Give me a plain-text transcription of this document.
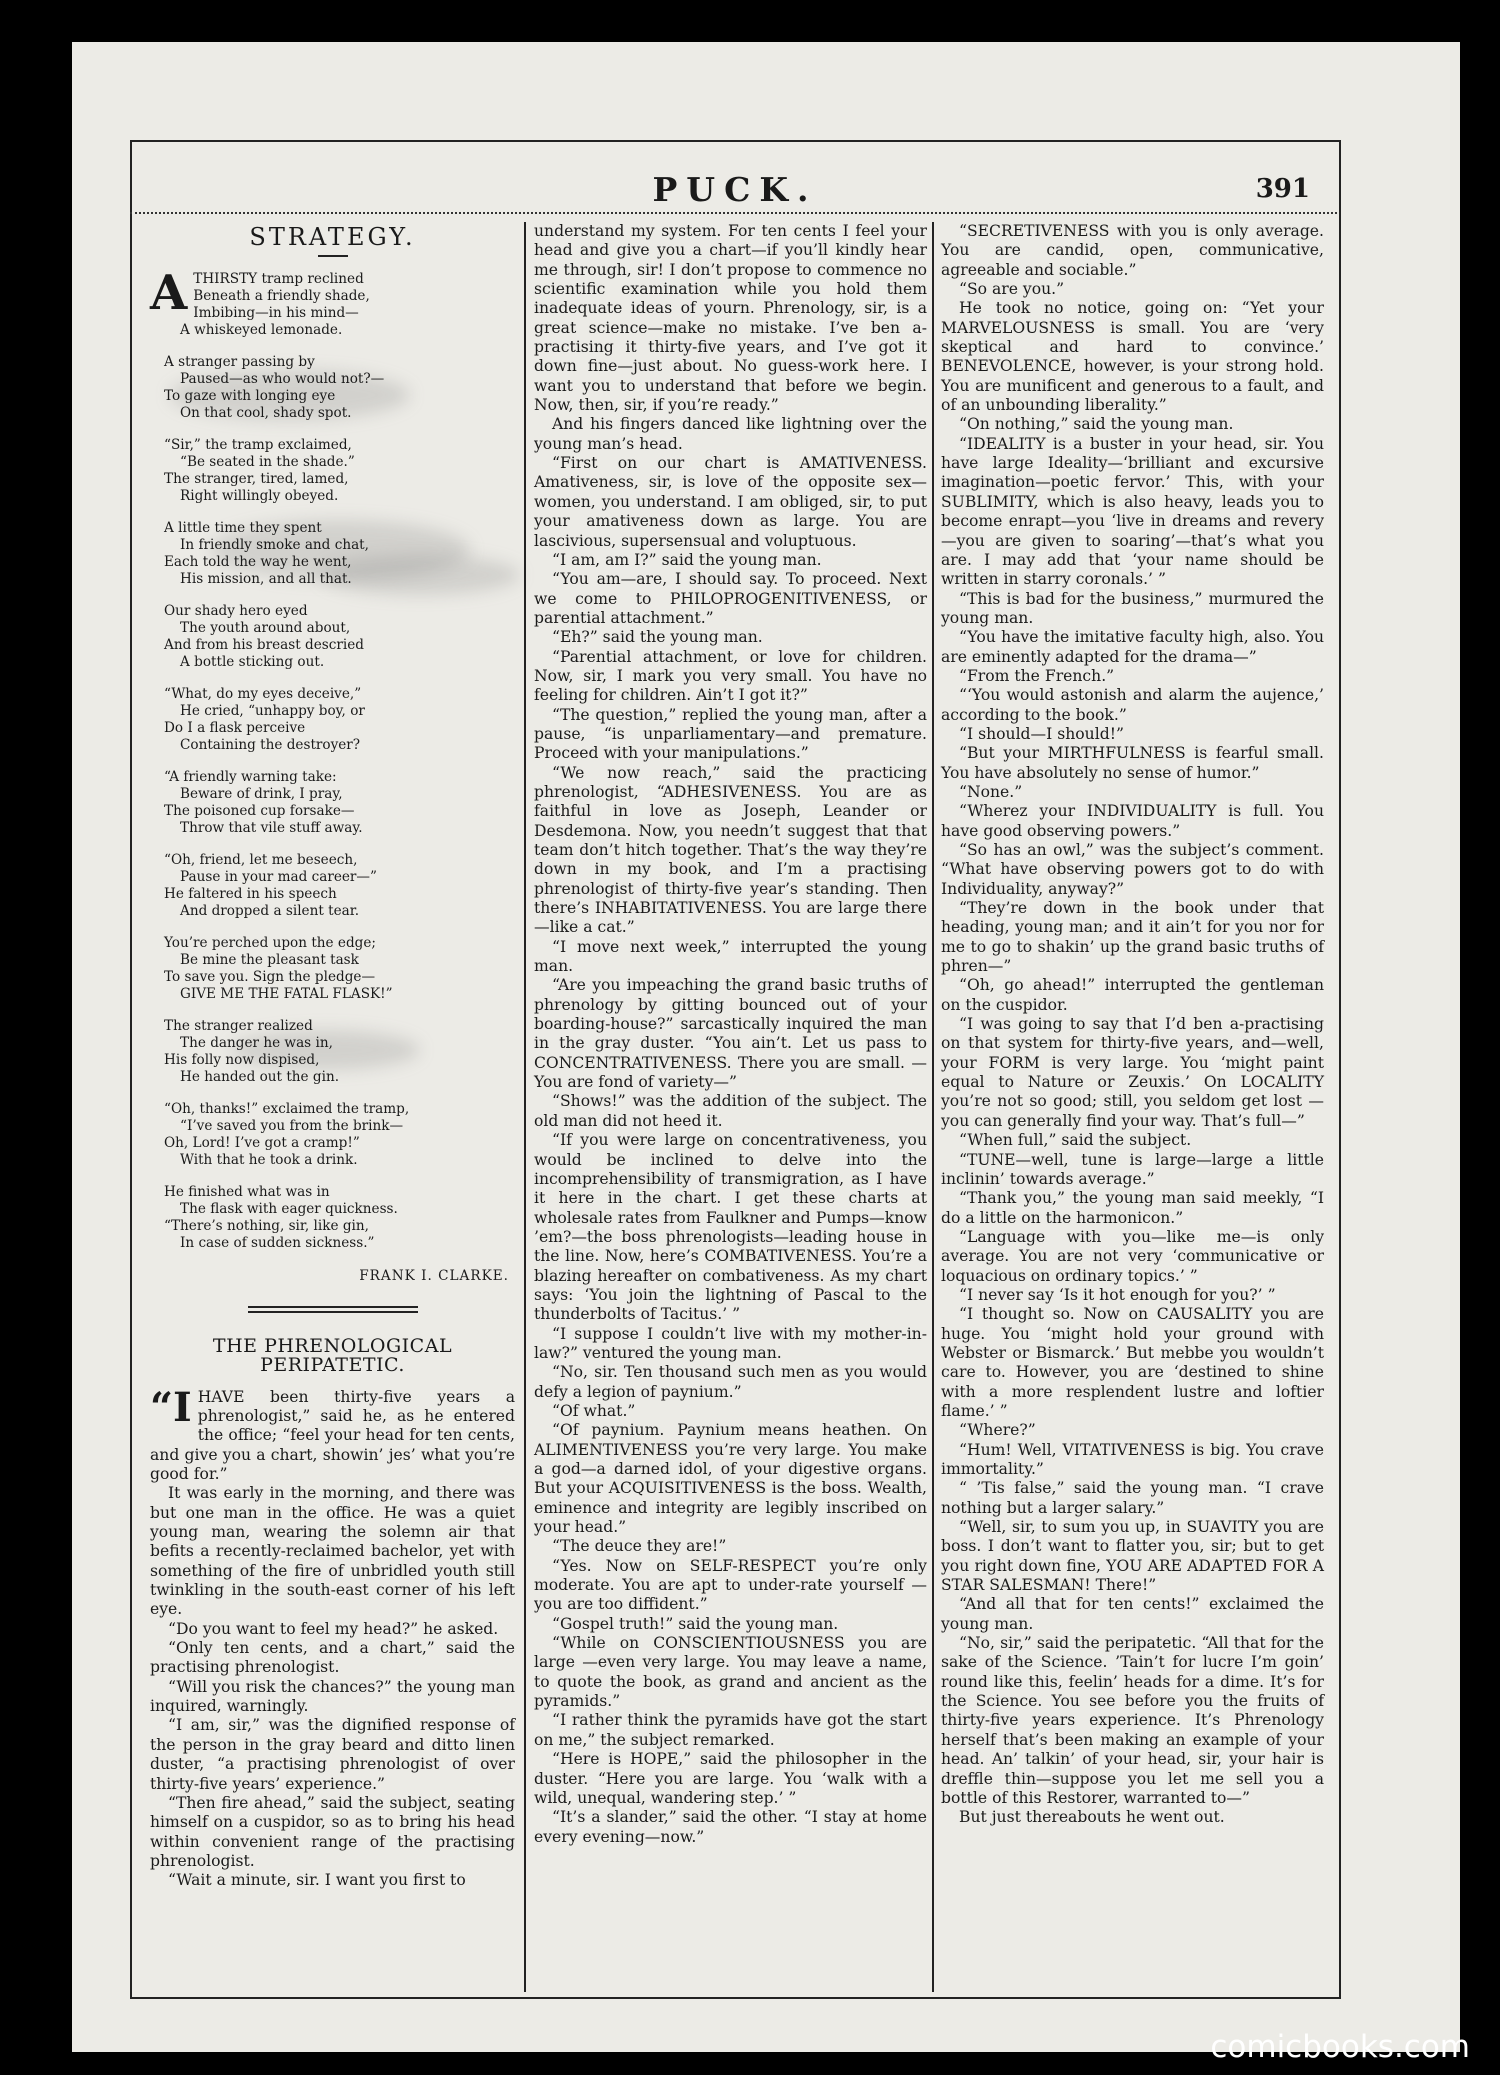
PUCK.	391
STRATEGY.
A THIRSTY tramp reclined
Beneath a friendly shade,
Imbibing—in his mind—
A whiskeyed lemonade.
A stranger passing by
Paused—as who would not?—
To gaze with longing eye
On that cool, shady spot.
“Sir,” the tramp exclaimed,
“Be seated in the shade.”
The stranger, tired, lamed,
Right willingly obeyed.
A little time they spent
In friendly smoke and chat,
Each told the way he went,
His mission, and all that.
Our shady hero eyed
The youth around about,
And from his breast descried
A bottle sticking out.
“What, do my eyes deceive,”
He cried, “unhappy boy, or
Do I a flask perceive
Containing the destroyer?
“A friendly warning take:
Beware of drink, I pray,
The poisoned cup forsake—
Throw that vile stuff away.
“Oh, friend, let me beseech,
Pause in your mad career—”
He faltered in his speech
And dropped a silent tear.
You’re perched upon the edge;
Be mine the pleasant task
To save you. Sign the pledge—
GIVE ME THE FATAL FLASK!”
The stranger realized
The danger he was in,
His folly now dispised,
He handed out the gin.
“Oh, thanks!” exclaimed the tramp,
“I’ve saved you from the brink—
Oh, Lord! I’ve got a cramp!”
With that he took a drink.
He finished what was in
The flask with eager quickness.
“There’s nothing, sir, like gin,
In case of sudden sickness.”
FRANK I. CLARKE.
THE PHRENOLOGICAL PERIPATETIC.
“I HAVE been thirty-five years a phrenologist,” said he, as he entered the office; “feel your head for ten cents, and give you a chart, showin’ jes’ what you’re good for.”

It was early in the morning, and there was but one man in the office. He was a quiet young man, wearing the solemn air that befits a recently-reclaimed bachelor, yet with something of the fire of unbridled youth still twinkling in the south-east corner of his left eye.

“Do you want to feel my head?” he asked.

“Only ten cents, and a chart,” said the practising phrenologist.

“Will you risk the chances?” the young man inquired, warningly.

“I am, sir,” was the dignified response of the person in the gray beard and ditto linen duster, “a practising phrenologist of over thirty-five years’ experience.”

“Then fire ahead,” said the subject, seating himself on a cuspidor, so as to bring his head within convenient range of the practising phrenologist.

“Wait a minute, sir. I want you first to

understand my system. For ten cents I feel your head and give you a chart—if you’ll kindly hear me through, sir! I don’t propose to commence no scientific examination while you hold them inadequate ideas of yourn. Phrenology, sir, is a great science—make no mistake. I’ve ben a-practising it thirty-five years, and I’ve got it down fine—just about. No guess-work here. I want you to understand that before we begin. Now, then, sir, if you’re ready.”

And his fingers danced like lightning over the young man’s head.

“First on our chart is AMATIVENESS. Amativeness, sir, is love of the opposite sex—women, you understand. I am obliged, sir, to put your amativeness down as large. You are lascivious, supersensual and voluptuous.

“I am, am I?” said the young man.

“You am—are, I should say. To proceed. Next we come to PHILOPROGENITIVENESS, or parential attachment.”

“Eh?” said the young man.

“Parential attachment, or love for children. Now, sir, I mark you very small. You have no feeling for children. Ain’t I got it?”

“The question,” replied the young man, after a pause, “is unparliamentary—and premature. Proceed with your manipulations.”

“We now reach,” said the practicing phrenologist, “ADHESIVENESS. You are as faithful in love as Joseph, Leander or Desdemona. Now, you needn’t suggest that that team don’t hitch together. That’s the way they’re down in my book, and I’m a practising phrenologist of thirty-five year’s standing. Then there’s INHABITATIVENESS. You are large there—like a cat.”

“I move next week,” interrupted the young man.

“Are you impeaching the grand basic truths of phrenology by gitting bounced out of your boarding-house?” sarcastically inquired the man in the gray duster. “You ain’t. Let us pass to CONCENTRATIVENESS. There you are small. —You are fond of variety—”

“Shows!” was the addition of the subject. The old man did not heed it.

“If you were large on concentrativeness, you would be inclined to delve into the incomprehensibility of transmigration, as I have it here in the chart. I get these charts at wholesale rates from Faulkner and Pumps—know ’em?—the boss phrenologists—leading house in the line. Now, here’s COMBATIVENESS. You’re a blazing hereafter on combativeness. As my chart says: ‘You join the lightning of Pascal to the thunderbolts of Tacitus.’ ”

“I suppose I couldn’t live with my mother-in-law?” ventured the young man.

“No, sir. Ten thousand such men as you would defy a legion of paynium.”

“Of what.”

“Of paynium. Paynium means heathen. On ALIMENTIVENESS you’re very large. You make a god—a darned idol, of your digestive organs. But your ACQUISITIVENESS is the boss. Wealth, eminence and integrity are legibly inscribed on your head.”

“The deuce they are!”

“Yes. Now on SELF-RESPECT you’re only moderate. You are apt to under-rate yourself —you are too diffident.”

“Gospel truth!” said the young man.

“While on CONSCIENTIOUSNESS you are large —even very large. You may leave a name, to quote the book, as grand and ancient as the pyramids.”

“I rather think the pyramids have got the start on me,” the subject remarked.

“Here is HOPE,” said the philosopher in the duster. “Here you are large. You ‘walk with a wild, unequal, wandering step.’ ”

“It’s a slander,” said the other. “I stay at home every evening—now.”

“SECRETIVENESS with you is only average. You are candid, open, communicative, agreeable and sociable.”

“So are you.”

He took no notice, going on: “Yet your MARVELOUSNESS is small. You are ‘very skeptical and hard to convince.’ BENEVOLENCE, however, is your strong hold. You are munificent and generous to a fault, and of an unbounding liberality.”

“On nothing,” said the young man.

“IDEALITY is a buster in your head, sir. You have large Ideality—‘brilliant and excursive imagination—poetic fervor.’ This, with your SUBLIMITY, which is also heavy, leads you to become enrapt—you ‘live in dreams and revery—you are given to soaring’—that’s what you are. I may add that ‘your name should be written in starry coronals.’ ”

“This is bad for the business,” murmured the young man.

“You have the imitative faculty high, also. You are eminently adapted for the drama—”

“From the French.”

“‘You would astonish and alarm the aujence,’ according to the book.”

“I should—I should!”

“But your MIRTHFULNESS is fearful small. You have absolutely no sense of humor.”

“None.”

“Wherez your INDIVIDUALITY is full. You have good observing powers.”

“So has an owl,” was the subject’s comment. “What have observing powers got to do with Individuality, anyway?”

“They’re down in the book under that heading, young man; and it ain’t for you nor for me to go to shakin’ up the grand basic truths of phren—”

“Oh, go ahead!” interrupted the gentleman on the cuspidor.

“I was going to say that I’d ben a-practising on that system for thirty-five years, and—well, your FORM is very large. You ‘might paint equal to Nature or Zeuxis.’ On LOCALITY you’re not so good; still, you seldom get lost —you can generally find your way. That’s full—”

“When full,” said the subject.

“TUNE—well, tune is large—large a little inclinin’ towards average.”

“Thank you,” the young man said meekly, “I do a little on the harmonicon.”

“Language with you—like me—is only average. You are not very ‘communicative or loquacious on ordinary topics.’ ”

“I never say ‘Is it hot enough for you?’ ”

“I thought so. Now on CAUSALITY you are huge. You ‘might hold your ground with Webster or Bismarck.’ But mebbe you wouldn’t care to. However, you are ‘destined to shine with a more resplendent lustre and loftier flame.’ ”

“Where?”

“Hum! Well, VITATIVENESS is big. You crave immortality.”

“ ’Tis false,” said the young man. “I crave nothing but a larger salary.”

“Well, sir, to sum you up, in SUAVITY you are boss. I don’t want to flatter you, sir; but to get you right down fine, YOU ARE ADAPTED FOR A STAR SALESMAN! There!”

“And all that for ten cents!” exclaimed the young man.

“No, sir,” said the peripatetic. “All that for the sake of the Science. ’Tain’t for lucre I’m goin’ round like this, feelin’ heads for a dime. It’s for the Science. You see before you the fruits of thirty-five years experience. It’s Phrenology herself that’s been making an example of your head. An’ talkin’ of your head, sir, your hair is dreffle thin—suppose you let me sell you a bottle of this Restorer, warranted to—”

But just thereabouts he went out.

comicbooks.com
